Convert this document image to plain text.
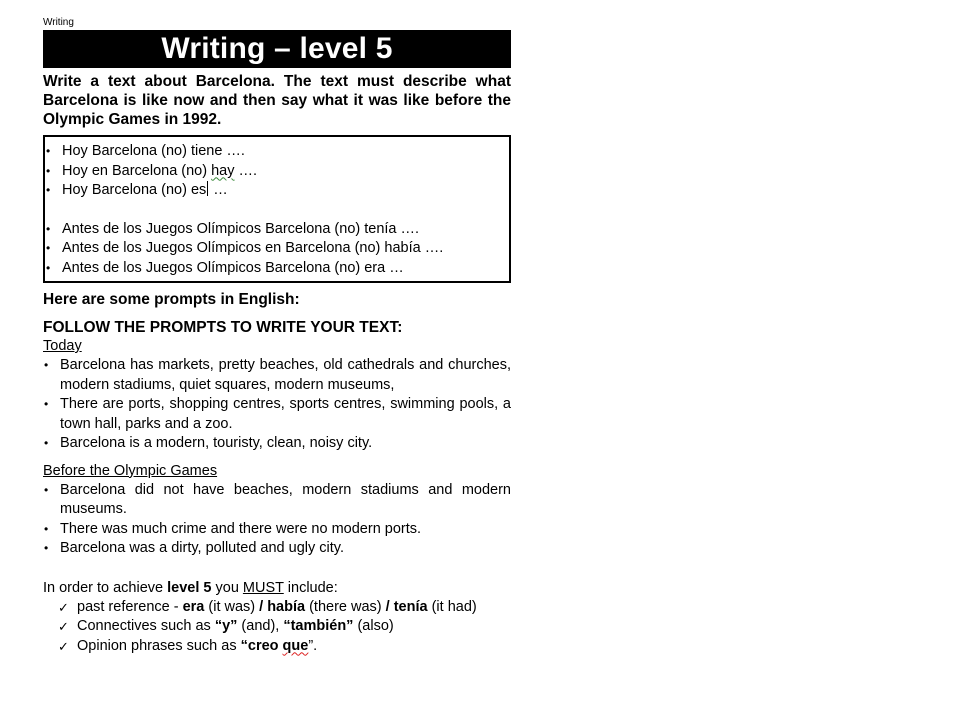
Writing
Writing – level 5
Write a text about Barcelona. The text must describe what Barcelona is like now and then say what it was like before the Olympic Games in 1992.
• Hoy Barcelona (no) tiene ….
• Hoy en Barcelona (no) hay ….
• Hoy Barcelona (no) es …
• Antes de los Juegos Olímpicos Barcelona (no) tenía ….
• Antes de los Juegos Olímpicos en Barcelona (no) había ….
• Antes de los Juegos Olímpicos Barcelona (no) era …
Here are some prompts in English:
FOLLOW THE PROMPTS TO WRITE YOUR TEXT:
Today
• Barcelona has markets, pretty beaches, old cathedrals and churches, modern stadiums, quiet squares, modern museums,
• There are ports, shopping centres, sports centres, swimming pools, a town hall, parks and a zoo.
• Barcelona is a modern, touristy, clean, noisy city.
Before the Olympic Games
• Barcelona did not have beaches, modern stadiums and modern museums.
• There was much crime and there were no modern ports.
• Barcelona was a dirty, polluted and ugly city.
In order to achieve level 5 you MUST include:
✓ past reference - era (it was) / había (there was) / tenía (it had)
✓ Connectives such as “y” (and), “también” (also)
✓ Opinion phrases such as “creo que”.
